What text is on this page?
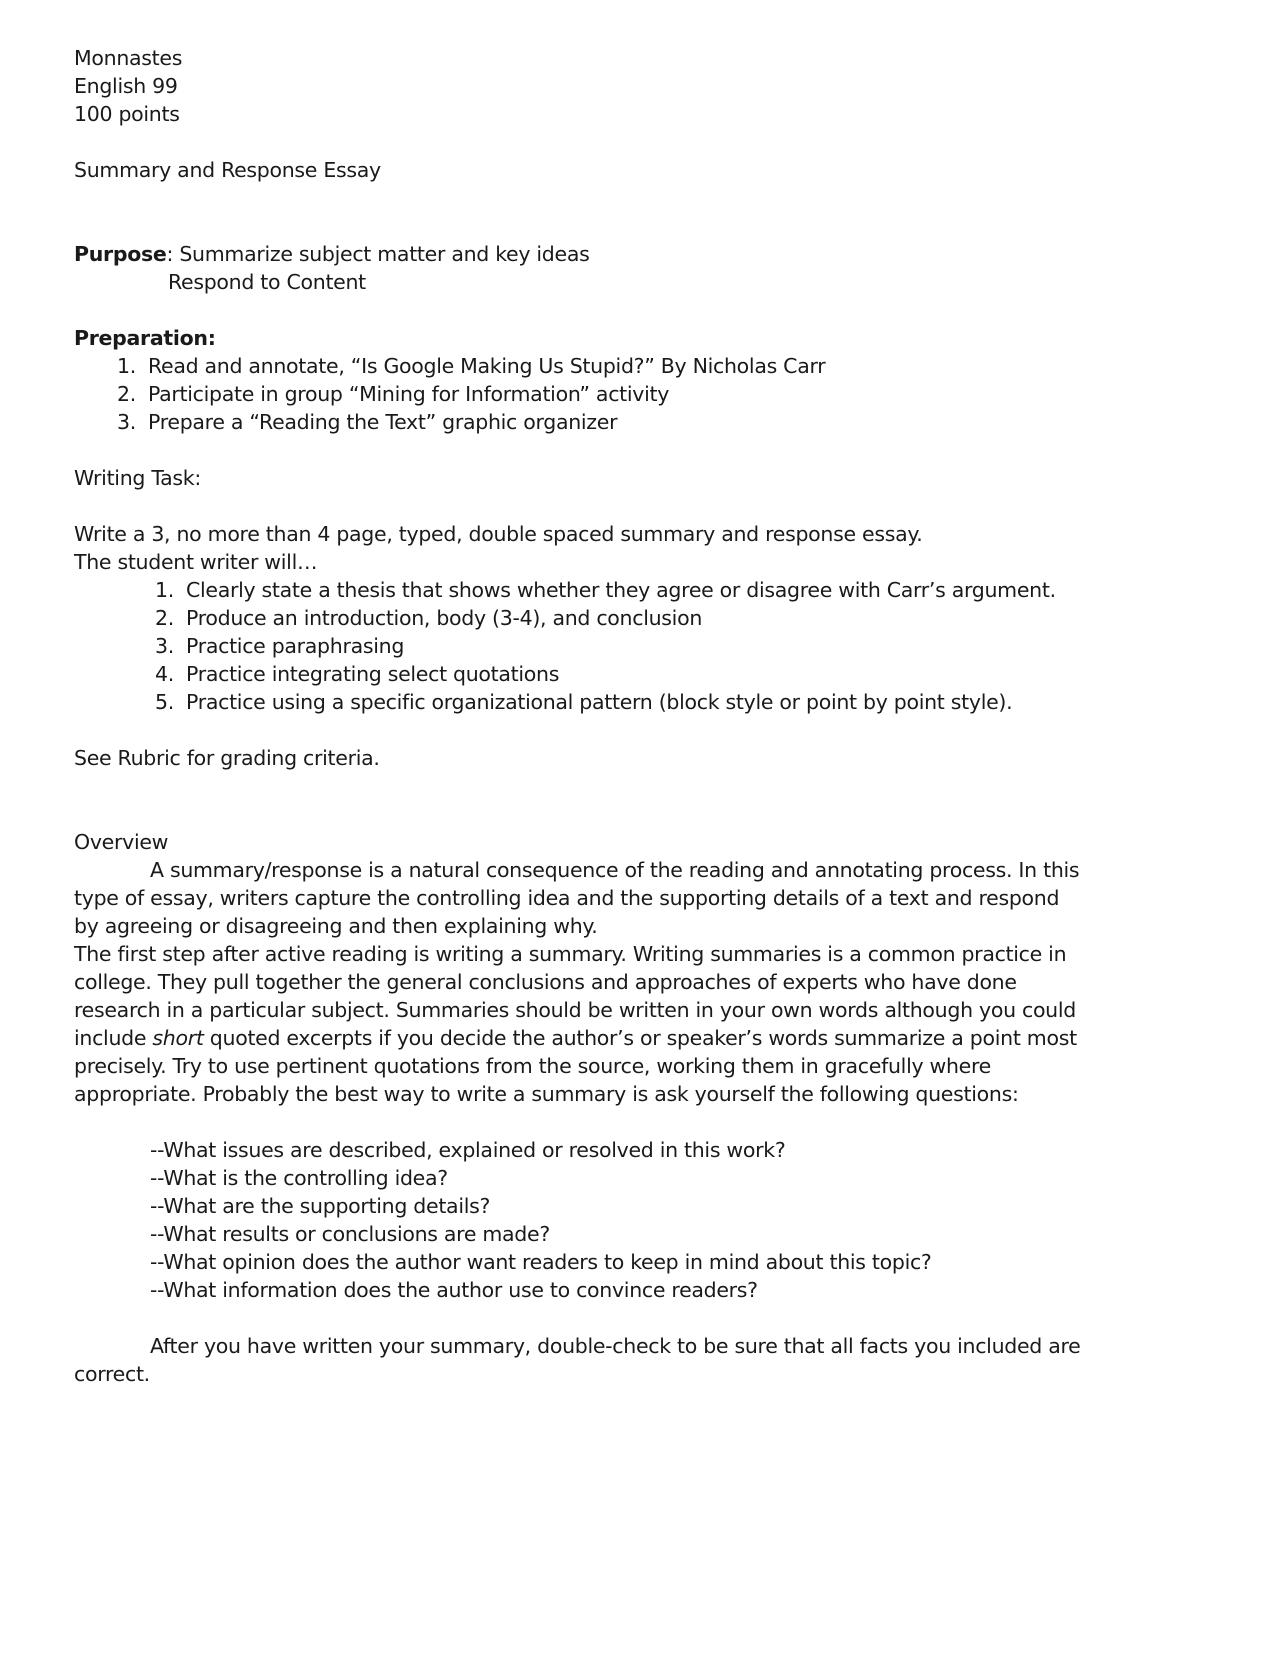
Monnastes
English 99
100 points
Summary and Response Essay
Purpose: Summarize subject matter and key ideas
Respond to Content
Preparation:
1. Read and annotate, “Is Google Making Us Stupid?” By Nicholas Carr
2. Participate in group “Mining for Information” activity
3. Prepare a “Reading the Text” graphic organizer
Writing Task:
Write a 3, no more than 4 page, typed, double spaced summary and response essay.
The student writer will…
1. Clearly state a thesis that shows whether they agree or disagree with Carr’s argument.
2. Produce an introduction, body (3-4), and conclusion
3. Practice paraphrasing
4. Practice integrating select quotations
5. Practice using a specific organizational pattern (block style or point by point style).
See Rubric for grading criteria.
Overview
A summary/response is a natural consequence of the reading and annotating process. In this
type of essay, writers capture the controlling idea and the supporting details of a text and respond
by agreeing or disagreeing and then explaining why.
The first step after active reading is writing a summary. Writing summaries is a common practice in
college. They pull together the general conclusions and approaches of experts who have done
research in a particular subject. Summaries should be written in your own words although you could
include short quoted excerpts if you decide the author’s or speaker’s words summarize a point most
precisely. Try to use pertinent quotations from the source, working them in gracefully where
appropriate. Probably the best way to write a summary is ask yourself the following questions:
--What issues are described, explained or resolved in this work?
--What is the controlling idea?
--What are the supporting details?
--What results or conclusions are made?
--What opinion does the author want readers to keep in mind about this topic?
--What information does the author use to convince readers?
After you have written your summary, double-check to be sure that all facts you included are
correct.
